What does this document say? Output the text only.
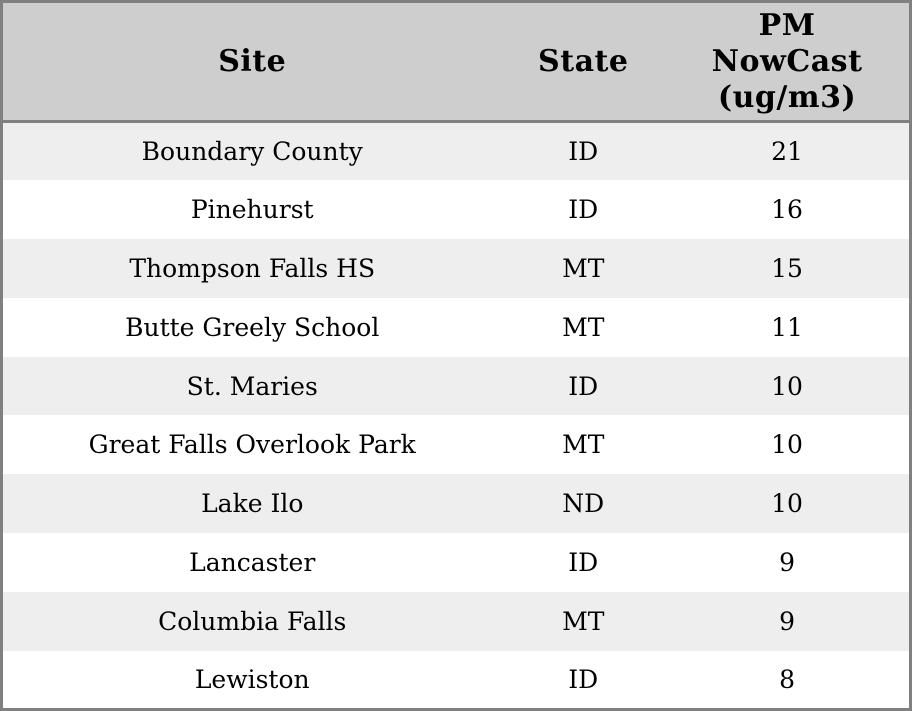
Site	State	PM
NowCast
(ug/m3)

Boundary County	ID	21
Pinehurst	ID	16
Thompson Falls HS	MT	15
Butte Greely School	MT	11
St. Maries	ID	10
Great Falls Overlook Park	MT	10
Lake Ilo	ND	10
Lancaster	ID	9
Columbia Falls	MT	9
Lewiston	ID	8
